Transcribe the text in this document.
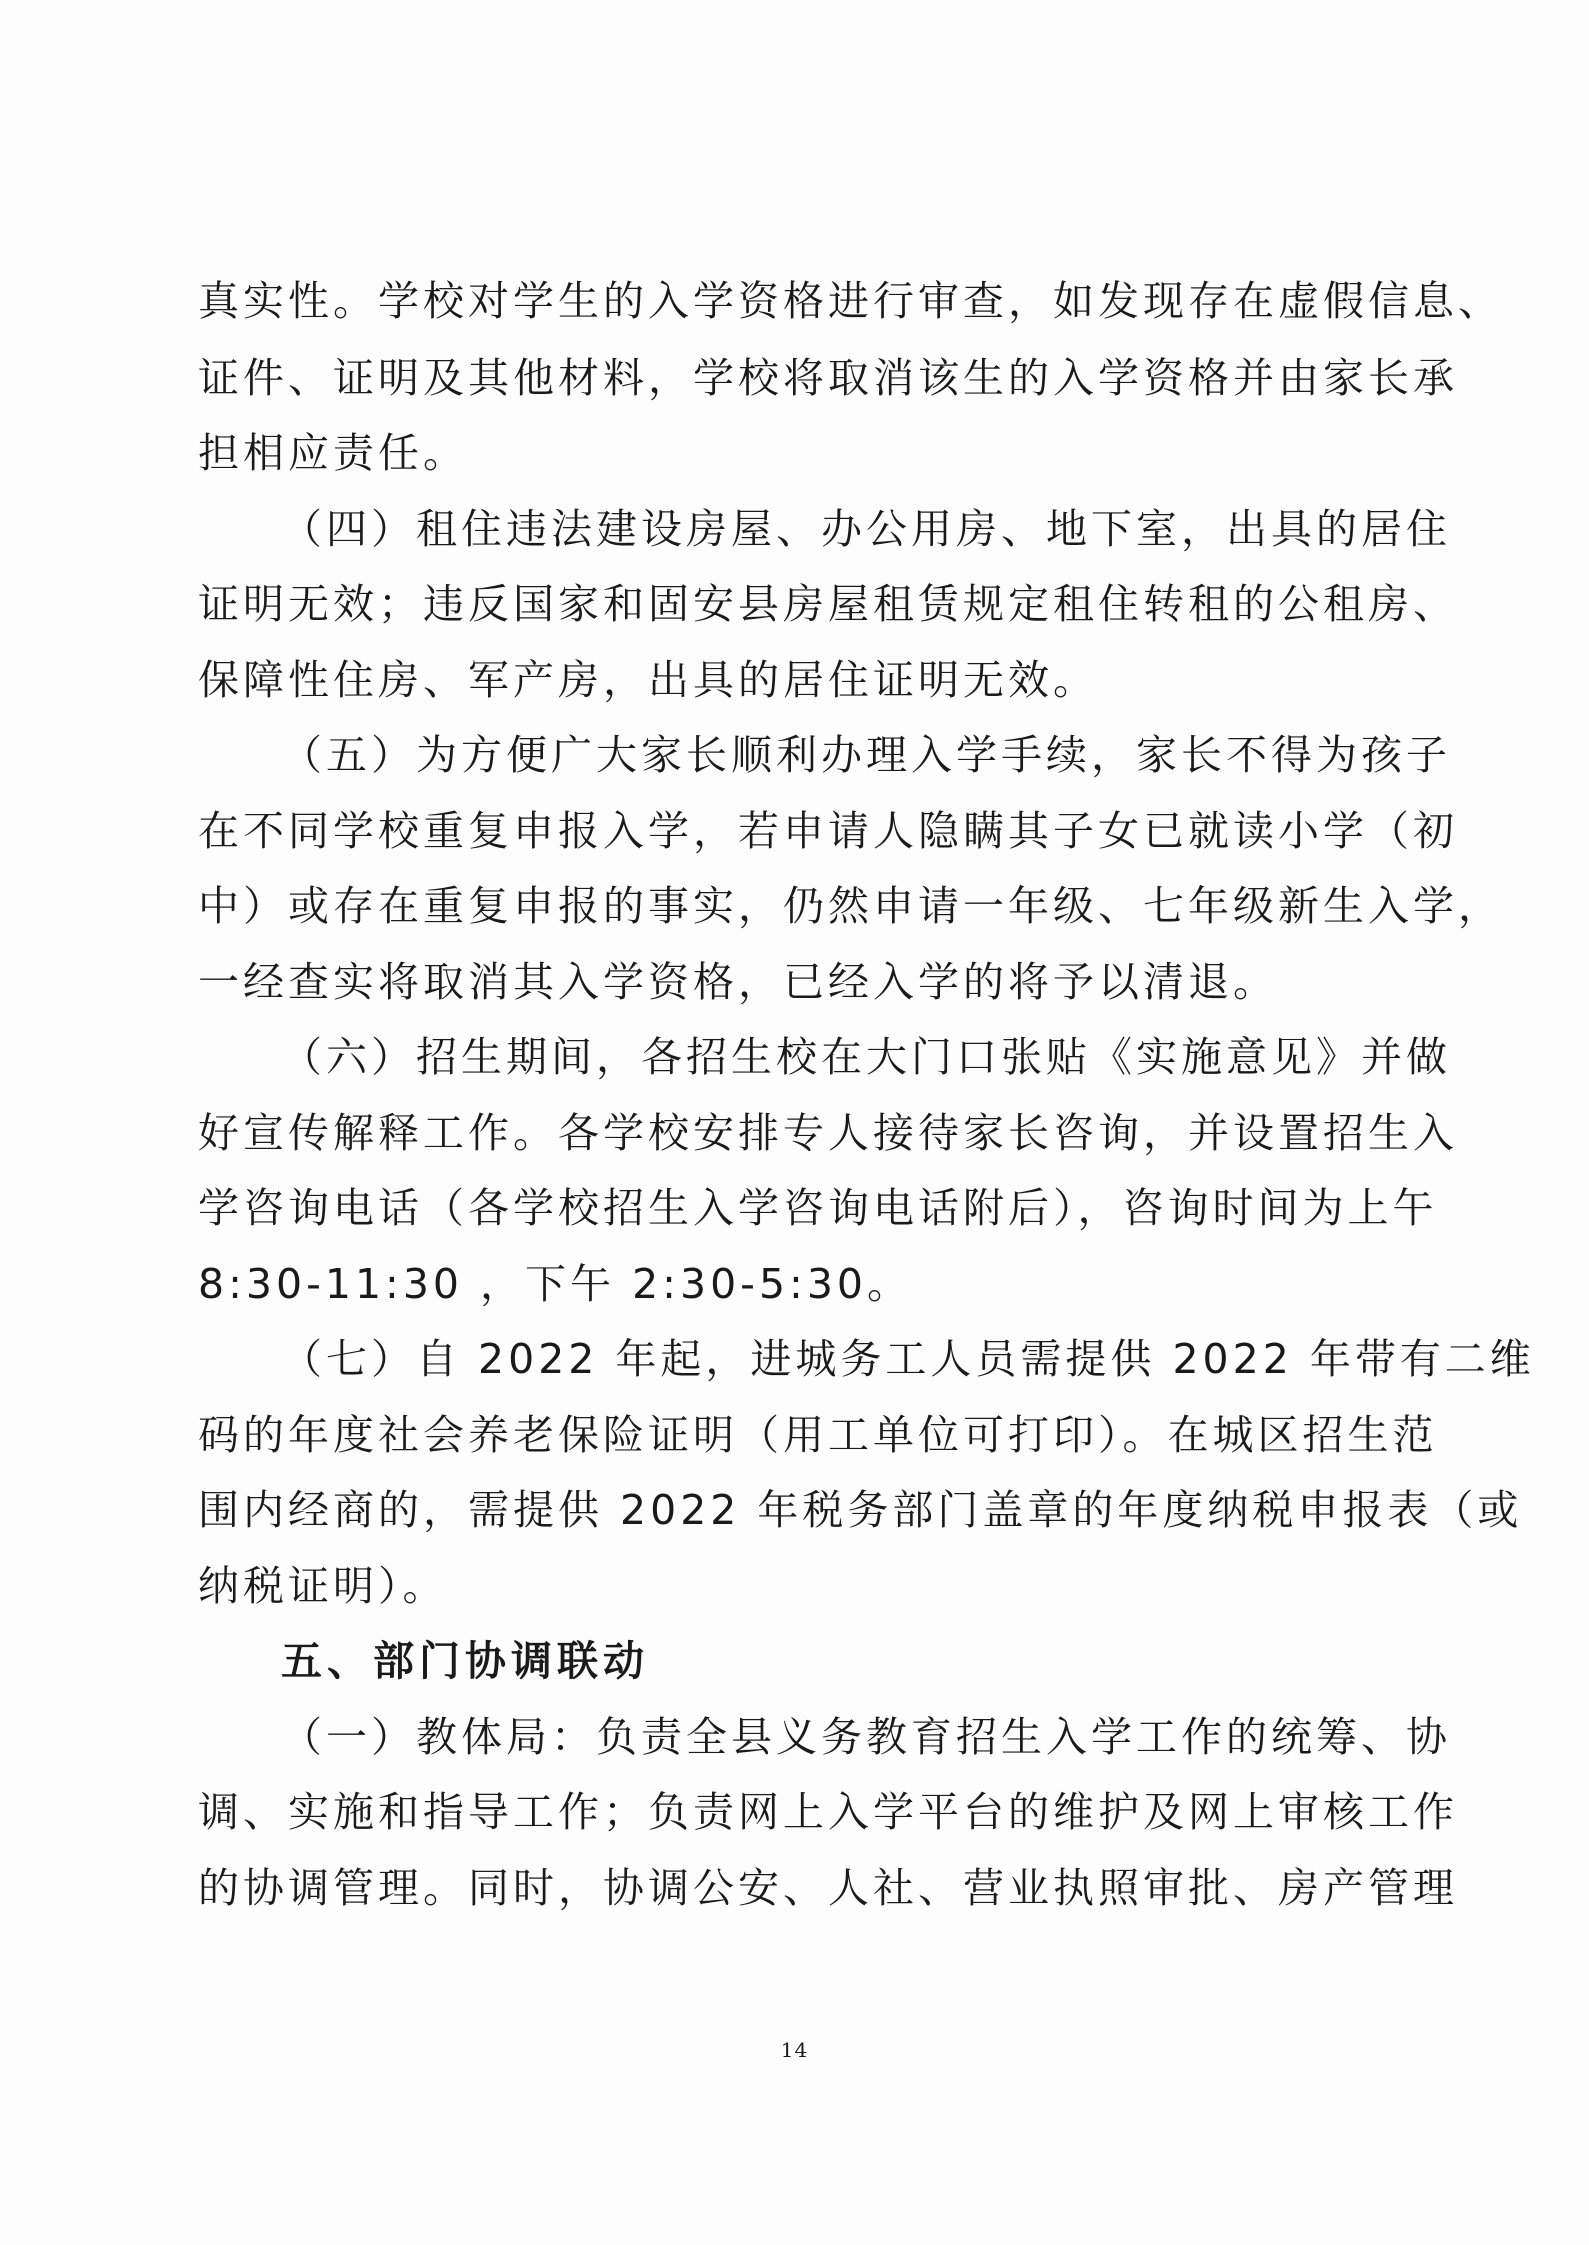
真实性。学校对学生的入学资格进行审查，如发现存在虚假信息、
证件、证明及其他材料，学校将取消该生的入学资格并由家长承
担相应责任。
（四）租住违法建设房屋、办公用房、地下室，出具的居住
证明无效；违反国家和固安县房屋租赁规定租住转租的公租房、
保障性住房、军产房，出具的居住证明无效。
（五）为方便广大家长顺利办理入学手续，家长不得为孩子
在不同学校重复申报入学，若申请人隐瞒其子女已就读小学（初
中）或存在重复申报的事实，仍然申请一年级、七年级新生入学，
一经查实将取消其入学资格，已经入学的将予以清退。
（六）招生期间，各招生校在大门口张贴《实施意见》并做
好宣传解释工作。各学校安排专人接待家长咨询，并设置招生入
学咨询电话（各学校招生入学咨询电话附后），咨询时间为上午
8:30-11:30 ，下午 2:30-5:30。
（七）自 2022 年起，进城务工人员需提供 2022 年带有二维
码的年度社会养老保险证明（用工单位可打印）。在城区招生范
围内经商的，需提供 2022 年税务部门盖章的年度纳税申报表（或
纳税证明）。
五、部门协调联动
（一）教体局：负责全县义务教育招生入学工作的统筹、协
调、实施和指导工作；负责网上入学平台的维护及网上审核工作
的协调管理。同时，协调公安、人社、营业执照审批、房产管理
14
